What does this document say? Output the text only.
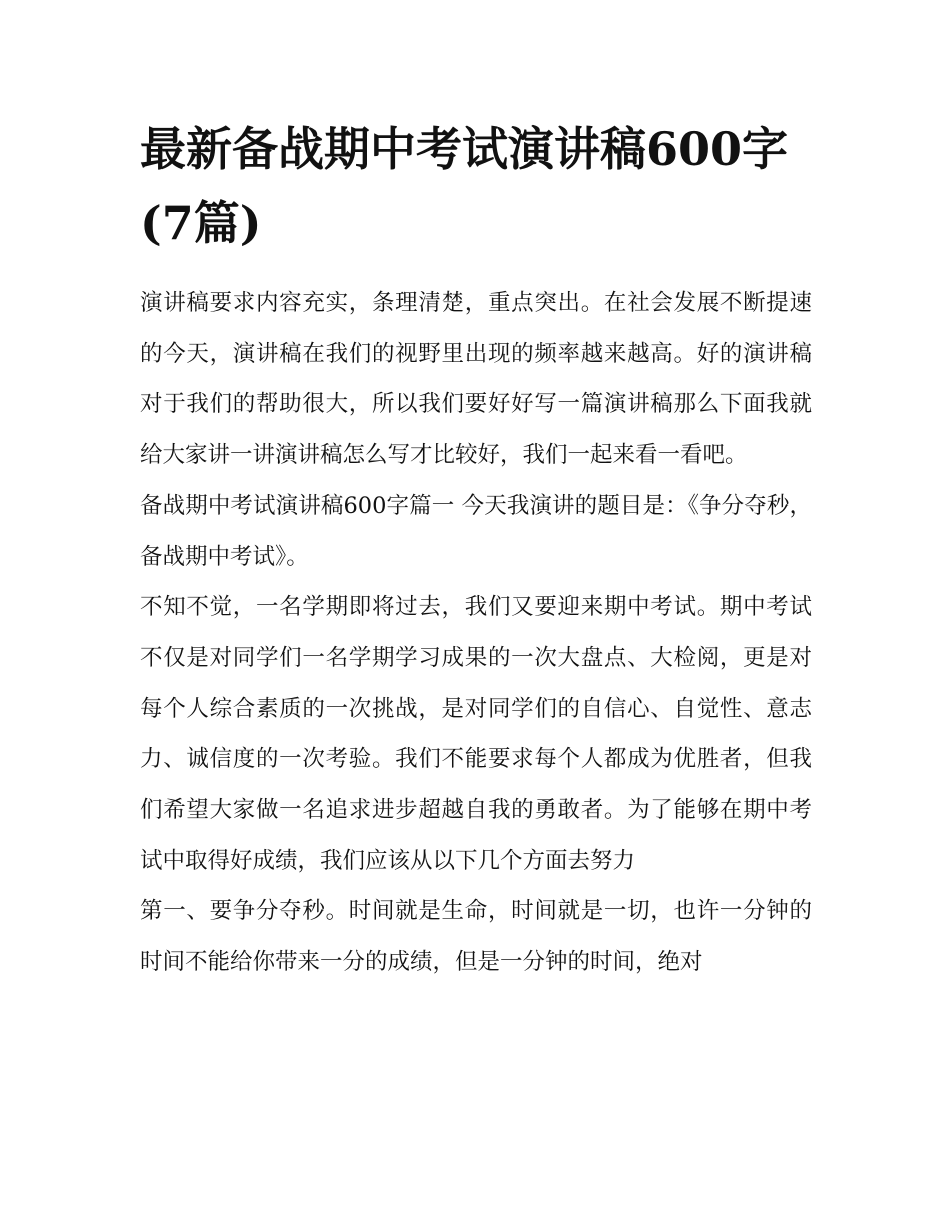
最新备战期中考试演讲稿600字(7篇)

演讲稿要求内容充实，条理清楚，重点突出。在社会发展不断提速的今天，演讲稿在我们的视野里出现的频率越来越高。好的演讲稿对于我们的帮助很大，所以我们要好好写一篇演讲稿那么下面我就给大家讲一讲演讲稿怎么写才比较好，我们一起来看一看吧。

备战期中考试演讲稿600字篇一 今天我演讲的题目是：《争分夺秒，备战期中考试》。

不知不觉，一名学期即将过去，我们又要迎来期中考试。期中考试不仅是对同学们一名学期学习成果的一次大盘点、大检阅，更是对每个人综合素质的一次挑战，是对同学们的自信心、自觉性、意志力、诚信度的一次考验。我们不能要求每个人都成为优胜者，但我们希望大家做一名追求进步超越自我的勇敢者。为了能够在期中考试中取得好成绩，我们应该从以下几个方面去努力

第一、要争分夺秒。时间就是生命，时间就是一切，也许一分钟的时间不能给你带来一分的成绩，但是一分钟的时间，绝对
